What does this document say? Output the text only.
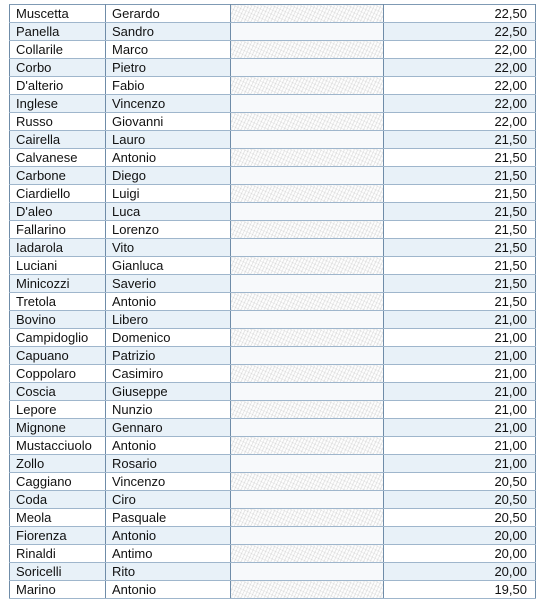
Muscetta	Gerardo		22,50
Panella	Sandro		22,50
Collarile	Marco		22,00
Corbo	Pietro		22,00
D'alterio	Fabio		22,00
Inglese	Vincenzo		22,00
Russo	Giovanni		22,00
Cairella	Lauro		21,50
Calvanese	Antonio		21,50
Carbone	Diego		21,50
Ciardiello	Luigi		21,50
D'aleo	Luca		21,50
Fallarino	Lorenzo		21,50
Iadarola	Vito		21,50
Luciani	Gianluca		21,50
Minicozzi	Saverio		21,50
Tretola	Antonio		21,50
Bovino	Libero		21,00
Campidoglio	Domenico		21,00
Capuano	Patrizio		21,00
Coppolaro	Casimiro		21,00
Coscia	Giuseppe		21,00
Lepore	Nunzio		21,00
Mignone	Gennaro		21,00
Mustacciuolo	Antonio		21,00
Zollo	Rosario		21,00
Caggiano	Vincenzo		20,50
Coda	Ciro		20,50
Meola	Pasquale		20,50
Fiorenza	Antonio		20,00
Rinaldi	Antimo		20,00
Soricelli	Rito		20,00
Marino	Antonio		19,50
